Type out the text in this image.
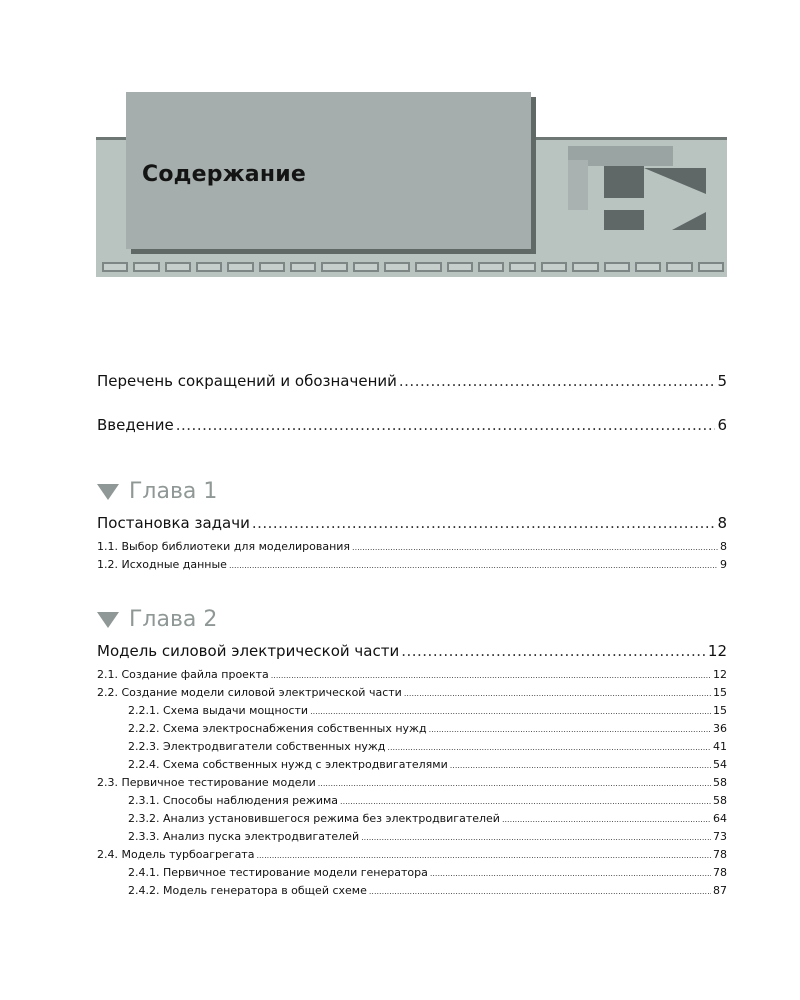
Содержание
Перечень сокращений и обозначений .....	5
Введение .....	6
Глава 1
Постановка задачи .....	8
1.1. Выбор библиотеки для моделирования .....	8
1.2. Исходные данные .....	9
Глава 2
Модель силовой электрической части .....	12
2.1. Создание файла проекта .....	12
2.2. Создание модели силовой электрической части .....	15
2.2.1. Схема выдачи мощности .....	15
2.2.2. Схема электроснабжения собственных нужд .....	36
2.2.3. Электродвигатели собственных нужд .....	41
2.2.4. Схема собственных нужд с электродвигателями .....	54
2.3. Первичное тестирование модели .....	58
2.3.1. Способы наблюдения режима .....	58
2.3.2. Анализ установившегося режима без электродвигателей .....	64
2.3.3. Анализ пуска электродвигателей .....	73
2.4. Модель турбоагрегата .....	78
2.4.1. Первичное тестирование модели генератора .....	78
2.4.2. Модель генератора в общей схеме .....	87
